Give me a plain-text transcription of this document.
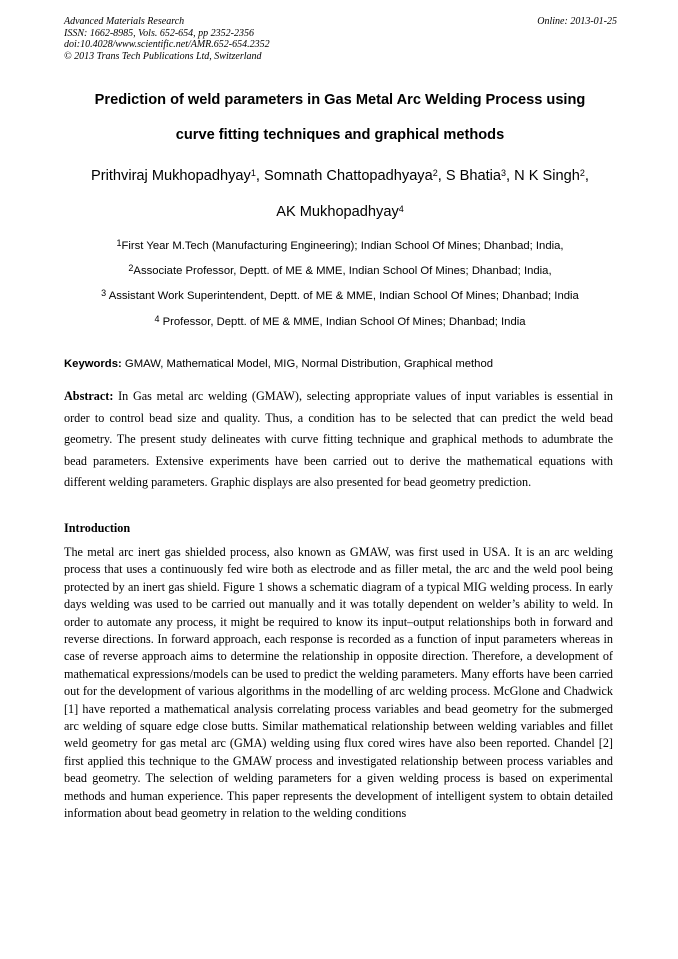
Advanced Materials Research
ISSN: 1662-8985, Vols. 652-654, pp 2352-2356
doi:10.4028/www.scientific.net/AMR.652-654.2352
© 2013 Trans Tech Publications Ltd, Switzerland
Online: 2013-01-25
Prediction of weld parameters in Gas Metal Arc Welding Process using
curve fitting techniques and graphical methods
Prithviraj Mukhopadhyay$^1$, Somnath Chattopadhyaya$^2$, S Bhatia$^3$, N K Singh$^2$,
AK Mukhopadhyay$^4$
$^1$First Year M.Tech (Manufacturing Engineering); Indian School Of Mines; Dhanbad; India,
$^2$Associate Professor, Deptt. of ME & MME, Indian School Of Mines; Dhanbad; India,
$^3$ Assistant Work Superintendent, Deptt. of ME & MME, Indian School Of Mines; Dhanbad; India
$^4$ Professor, Deptt. of ME & MME, Indian School Of Mines; Dhanbad; India
Keywords: GMAW, Mathematical Model, MIG, Normal Distribution, Graphical method
Abstract: In Gas metal arc welding (GMAW), selecting appropriate values of input variables is essential in order to control bead size and quality. Thus, a condition has to be selected that can predict the weld bead geometry. The present study delineates with curve fitting technique and graphical methods to adumbrate the bead parameters. Extensive experiments have been carried out to derive the mathematical equations with different welding parameters. Graphic displays are also presented for bead geometry prediction.
Introduction
The metal arc inert gas shielded process, also known as GMAW, was first used in USA. It is an arc welding process that uses a continuously fed wire both as electrode and as filler metal, the arc and the weld pool being protected by an inert gas shield. Figure 1 shows a schematic diagram of a typical MIG welding process. In early days welding was used to be carried out manually and it was totally dependent on welder’s ability to weld. In order to automate any process, it might be required to know its input–output relationships both in forward and reverse directions. In forward approach, each response is recorded as a function of input parameters whereas in case of reverse approach aims to determine the relationship in opposite direction. Therefore, a development of mathematical expressions/models can be used to predict the welding parameters. Many efforts have been carried out for the development of various algorithms in the modelling of arc welding process. McGlone and Chadwick [1] have reported a mathematical analysis correlating process variables and bead geometry for the submerged arc welding of square edge close butts. Similar mathematical relationship between welding variables and fillet weld geometry for gas metal arc (GMA) welding using flux cored wires have also been reported. Chandel [2] first applied this technique to the GMAW process and investigated relationship between process variables and bead geometry. The selection of welding parameters for a given welding process is based on experimental methods and human experience. This paper represents the development of intelligent system to obtain detailed information about bead geometry in relation to the welding conditions
